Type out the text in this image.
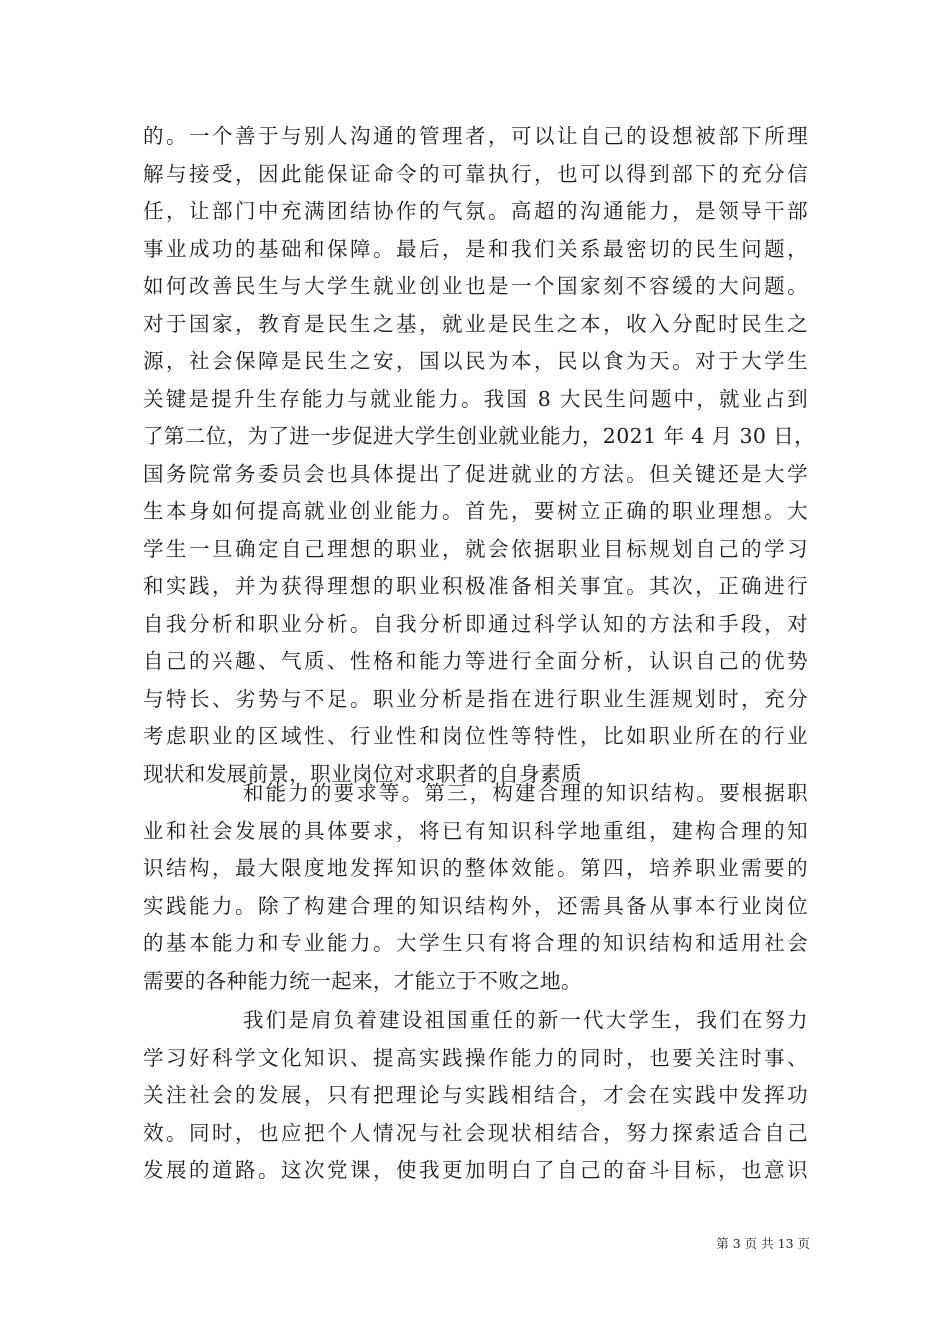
的。一个善于与别人沟通的管理者，可以让自己的设想被部下所理
解与接受，因此能保证命令的可靠执行，也可以得到部下的充分信
任，让部门中充满团结协作的气氛。高超的沟通能力，是领导干部
事业成功的基础和保障。最后，是和我们关系最密切的民生问题，
如何改善民生与大学生就业创业也是一个国家刻不容缓的大问题。
对于国家，教育是民生之基，就业是民生之本，收入分配时民生之
源，社会保障是民生之安，国以民为本，民以食为天。对于大学生
关键是提升生存能力与就业能力。我国 8 大民生问题中，就业占到
了第二位，为了进一步促进大学生创业就业能力，2021 年 4 月 30 日，
国务院常务委员会也具体提出了促进就业的方法。但关键还是大学
生本身如何提高就业创业能力。首先，要树立正确的职业理想。大
学生一旦确定自己理想的职业，就会依据职业目标规划自己的学习
和实践，并为获得理想的职业积极准备相关事宜。其次，正确进行
自我分析和职业分析。自我分析即通过科学认知的方法和手段，对
自己的兴趣、气质、性格和能力等进行全面分析，认识自己的优势
与特长、劣势与不足。职业分析是指在进行职业生涯规划时，充分
考虑职业的区域性、行业性和岗位性等特性，比如职业所在的行业
现状和发展前景，职业岗位对求职者的自身素质
和能力的要求等。第三，构建合理的知识结构。要根据职
业和社会发展的具体要求，将已有知识科学地重组，建构合理的知
识结构，最大限度地发挥知识的整体效能。第四，培养职业需要的
实践能力。除了构建合理的知识结构外，还需具备从事本行业岗位
的基本能力和专业能力。大学生只有将合理的知识结构和适用社会
需要的各种能力统一起来，才能立于不败之地。
我们是肩负着建设祖国重任的新一代大学生，我们在努力
学习好科学文化知识、提高实践操作能力的同时，也要关注时事、
关注社会的发展，只有把理论与实践相结合，才会在实践中发挥功
效。同时，也应把个人情况与社会现状相结合，努力探索适合自己
发展的道路。这次党课，使我更加明白了自己的奋斗目标，也意识
第 3 页 共 13 页
